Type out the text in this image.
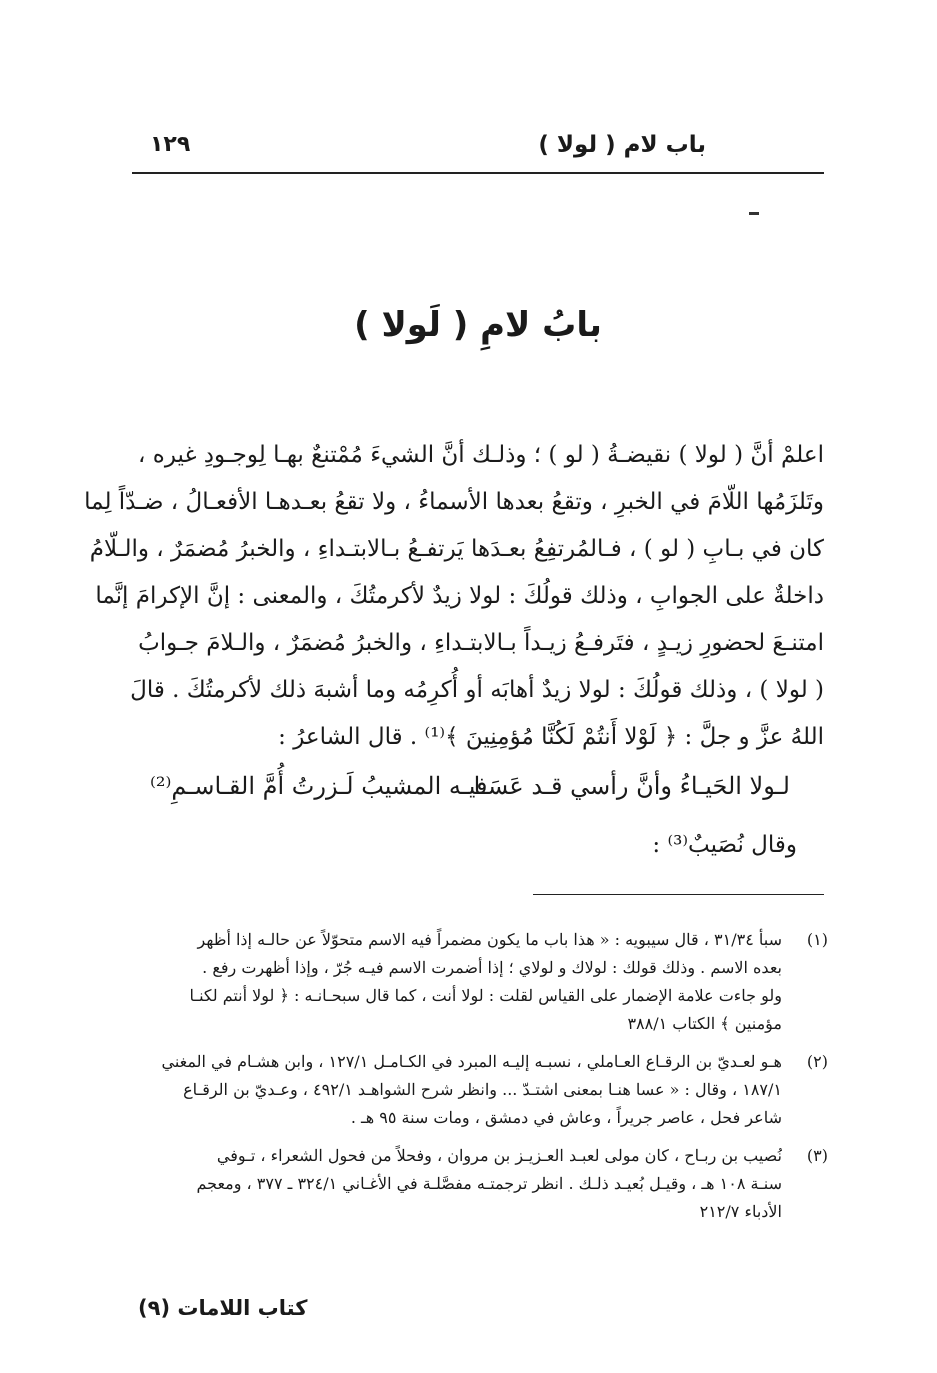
باب لام ( لولا )
١٢٩
بابُ لامِ ( لَولا )
اعلمْ أنَّ ( لولا ) نقيضـةُ ( لو ) ؛ وذلـك أنَّ الشيءَ مُمْتنعٌ بهـا لِوجـودِ غيره ،
وتَلزَمُها اللّامَ في الخبرِ ، وتقعُ بعدها الأسماءُ ، ولا تقعُ بعـدهـا الأفعـالُ ، ضـدّاً لِما
كان في بـابِ ( لو ) ، فـالمُرتفِعُ بعـدَها يَرتفـعُ بـالابتـداءِ ، والخبرُ مُضمَرٌ ، والـلّامُ
داخلةٌ على الجوابِ ، وذلك قولُكَ : لولا زيدٌ لأكرمتُكَ ، والمعنى : إنَّ الإكرامَ إنَّما
امتنـعَ لحضورِ زيـدٍ ، فتَرفـعُ زيـداً بـالابتـداءِ ، والخبرُ مُضمَرٌ ، والـلامَ جـوابُ
( لولا ) ، وذلك قولُكَ : لولا زيدٌ أهابَه أو أُكرِمُه وما أشبهَ ذلك لأكرمتُكَ . قالَ
اللهُ عزَّ و جلَّ : ﴿ لَوْلا أَنتُمْ لَكُنَّا مُؤمِنِينَ ﴾⁽¹⁾ . قال الشاعرُ :
لـولا الحَيـاءُ وأنَّ رأسي قـد عَسَـا
فيـه المشيبُ لَـزرتُ أُمَّ القـاسـمِ⁽²⁾
وقال نُصَيبٌ⁽³⁾ :
(١)
سبأ ٣١/٣٤ ، قال سيبويه : « هذا باب ما يكون مضمراً فيه الاسم متحوّلاً عن حالـه إذا أظهر
بعده الاسم . وذلك قولك : لولاك و لولاي ؛ إذا أضمرت الاسم فيـه جُرّ ، وإذا أظهرت رفع .
ولو جاءت علامة الإضمار على القياس لقلت : لولا أنت ، كما قال سبحـانـه : ﴿ لولا أنتم لكنـا
مؤمنين ﴾ الكتاب ٣٨٨/١
(٢)
هـو لعـديّ بن الرقـاع العـاملي ، نسبـه إليـه المبرد في الكـامـل ١٢٧/١ ، وابن هشـام في المغني
١٨٧/١ ، وقال : « عسا هنـا بمعنى اشتـدّ ... وانظر شرح الشواهـد ٤٩٢/١ ، وعـديّ بن الرقـاع
شاعر فحل ، عاصر جريراً ، وعاش في دمشق ، ومات سنة ٩٥ هـ .
(٣)
نُصيب بن ربـاح ، كان مولى لعبـد العـزيـز بن مروان ، وفحلاً من فحول الشعراء ، تـوفي
سنـة ١٠٨ هـ ، وقيـل بُعيـد ذلـك . انظر ترجمتـه مفصَّلـة في الأغـاني ٣٢٤/١ ـ ٣٧٧ ، ومعجم
الأدباء ٢١٢/٧
كتاب اللامات (٩)
